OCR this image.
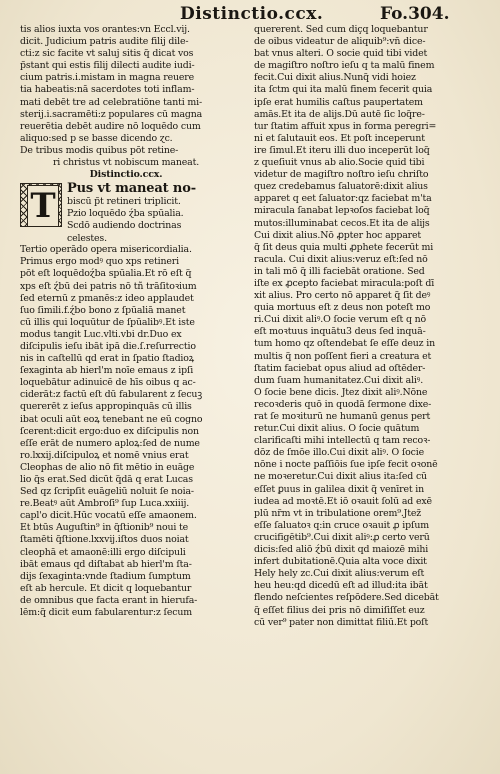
Distinctio.ccx.	Fo.304.
tis alios iuxta vos orantes:vn Eccl.vij.
dicit. Judicium patris audite filij dile-
cti:z sic facite vt saluj sitis q̃ dicat vos
p̃stant qui estis filij dilecti audite iudi-
cium patris.i.mistam in magna reuere
tia habeatis:nā sacerdotes toti inflam-
mati debēt tre ad celebratiōne tanti mi-
sterij.i.sacramēti:z populares cū magna
reuerētia debēt audire nō loquēdo cum
aliquo:sed p se basse dicendo ɀc.
De tribus modis quibus pōt retine-
ri christus vt nobiscum maneat.
Distinctio.ccx.
T Pus vt maneat no-
biscū p̃t retineri triplicit.
Pzio loquēdo ɀ́ba spūalia.
Scdō audiendo doctrinas
celestes.
Tertio operādo opera misericordialia.
Primus ergo modꝰ quo xps retineri
pōt eſt loquēdoɀ́ba spūalia.Et rō eſt q̃
xps eſt ɀ́bū dei patris nō tñ trāſitoꝛium
ſed eternū z pmanēs:z ideo applaudet
ſuo ſimili.f.ɀ́bo bono z ſpūaliā manet
cū illis qui loquūtur de ſpūalibꝰ.Et iste
modus tangit Luc.vlti.vbi dr.Duo ex
diſcipulis ieſu ibāt ipā die.ſ.reſurrectio
nis in caſtellū qd erat in ſpatio ſtadioꝝ
ſexaginta ab hierl'm noīe emaus z ipſi
loquebātur adinuicē de hīs oibus q ac-
ciderāt:z factū eſt dū fabularent z ſecuꝫ
quererēt z ieſus appropinquās cū illis
ibat oculi aūt eoꝝ tenebant ne eū cogno
ſcerent:dicit ergo:duo ex diſcipulis non
eſſe erāt de numero aploꝝ:ſed de nume
ro.lxxij.diſcipuloꝝ et nomē vnius erat
Cleophas de alio nō fit mētio in euāge
lio q̃s erat.Sed dicūt q̃dā q erat Lucas
Sed qz ſcripſit euāgeliū noluit ſe noia-
re.Beatꝰ aūt Ambroſi⁹ ſup Luca.xxiiij.
capl'o dicit.Hūc vocatū eſſe amaonem.
Et btūs Auguſtin⁹ in q̃ſtionib⁹ noui te
ſtamēti q̃ſtione.lxxvij.iſtos duos noiat
cleophā et amaonē:illi ergo diſcipuli
ibāt emaus qd diſtabat ab hierl'm ſta-
dijs ſexaginta:vnde ſtadium ſumptum
eſt ab hercule. Et dicit q loquebantur
de omnibus que facta erant in hierufa-
lēm:q̃ dicit eum fabularentur:z ſecum
quererent. Sed cum diçq loquebantur
de oibus videatur de aliquib⁹:vn̄ dice-
bat vnus alteri. O socie quid tibi videt
de magiſtro noſtro ieſu q ta malū finem
fecit.Cui dixit alius.Nunq̃ vidi hoiez
ita ſctm qui ita malū finem fecerit quia
ipſe erat humilis caſtus paupertatem
amās.Et ita de alijs.Dū autē ſic loq̃re-
tur ſtatim affuit xpus in forma peregri=
ni et ſalutauit eos. Et poſt inceperunt
ire ſimul.Et iteru illi duo inceperūt loq̃
z queſiuit vnus ab alio.Socie quid tibi
videtur de magiſtro noſtro ieſu chriſto
quez credebamus ſaluatorē:dixit alius
apparet q eet ſaluator:qz faciebat m'ta
miracula ſanabat lepꝛoſos faciebat loq̃
mutos:illuminabat cecos.Et ita de alijs
Cui dixit alius.Nō ꝓpter hoc apparet
q̃ ſit deus quia multi ꝓphete fecerūt mi
racula. Cui dixit alius:veruz eſt:ſed nō
in tali mō q̃ illi faciebāt oratione. Sed
iſte ex ꝓcepto faciebat miracula:poſt dī
xit alius. Pro certo nō apparet q̃ ſit deꝰ
quia mortuus eſt z deus non poteſt mo
ri.Cui dixit aliꝰ.O ſocie verum eſt q nō
eſt moꝛtuus inquātu3 deus ſed inquā-
tum homo qz oſtendebat ſe eſſe deuz in
multis q̃ non poſſent fieri a creatura et
ſtatim faciebat opus aliud ad oſtēder-
dum ſuam humanitatez.Cui dixit aliꝰ.
O ſocie bene dicis. Jtez dixit aliꝰ.Nōne
recoꝛderis quō in quodā ſermone dixe-
rat ſe moꝛiturū ne humanū genus pert
retur.Cui dixit alius. O ſocie quātum
clarificaſti mihi intellectū q tam recoꝛ-
dōz de ſmōe illo.Cui dixit aliꝰ. O ſocie
nōne i nocte paſſiōis ſue ipſe fecit oꝛonē
ne moꝛeretur.Cui dixit alius ita:ſed cū
eſſet ꝑuus in galilea dixit q̃ venīret in
iudea ad moꝛtē.Et iō oꝛauit ſolū ad exē
plū nr̃m vt in tribulatione orem⁹.Jtez̃
eſſe ſaluatoꝛ q:in cruce oꝛauit ꝓ ipſum
crucifigētib⁹.Cui dixit aliꝰ:ꝓ certo verū
dicis:ſed aliō ɀ́bū dixit qd maiozē mihi
infert dubitationē.Quia alta voce dixit
Hely hely zc.Cui dixit alius:verum eſt
heu heu:qd dicedū eſt ad illud:ita ibāt
flendo neſcientes reſpōdere.Sed dicebāt
q̃ eſſet filius dei pris nō dimiſiſſet euz
cū ver⁹ pater non dimittat filiū.Et poſt
